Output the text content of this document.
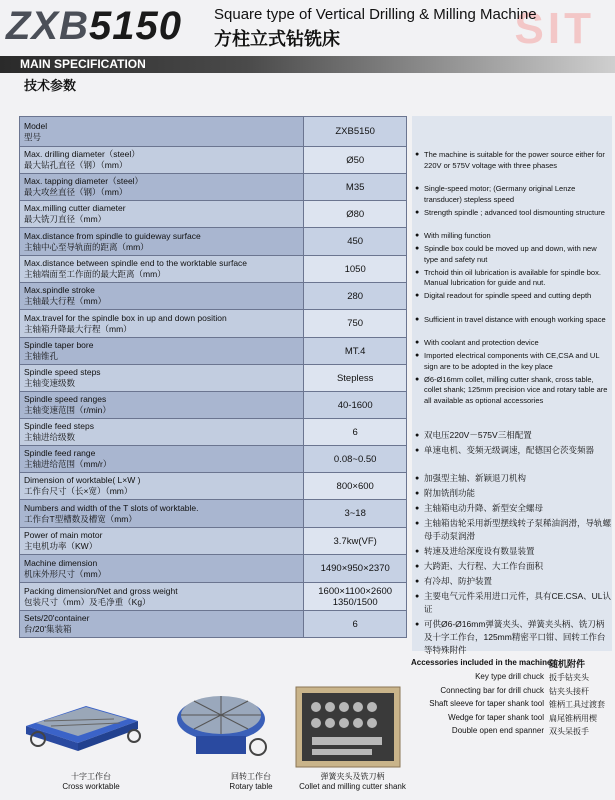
SIT
ZXB5150 Square type of Vertical Drilling & Milling Machine
方柱立式钻铣床
MAIN SPECIFICATION
技术参数
Model
型号	ZXB5150

Max. drilling diameter（steel）
最大钻孔直径（钢）（mm）	Ø50

Max. tapping diameter（steel）
最大攻丝直径（钢）（mm）	M35

Max.milling cutter diameter
最大铣刀直径（mm）	Ø80

Max.distance from spindle to guideway surface
主轴中心至导轨面的距离（mm）	450

Max.distance between spindle end to the worktable surface
主轴端面至工作面的最大距离（mm）	1050

Max.spindle stroke
主轴最大行程（mm）	280

Max.travel for the spindle box in up and down position
主轴箱升降最大行程（mm）	750

Spindle taper bore
主轴锥孔	MT.4

Spindle speed steps
主轴变速级数	Stepless

Spindle speed ranges
主轴变速范围（r/min）	40-1600

Spindle feed steps
主轴进给级数	6

Spindle feed range
主轴进给范围（mm/r）	0.08~0.50

Dimension of worktable( L×W )
工作台尺寸（长×宽）（mm）	800×600

Numbers and width of the T slots of worktable.
工作台T型槽数及槽宽（mm）	3~18

Power of main motor
主电机功率（KW）	3.7kw(VF)

Machine dimension
机床外形尺寸（mm）	1490×950×2370

Packing dimension/Net and gross weight
包装尺寸（mm）及毛净重（Kg）	1600×1100×2600
1350/1500

Sets/20'container
台/20'集装箱	6
● The machine is suitable for the power source either for 220V or 575V voltage with three phases
● Single-speed motor; (Germany original Lenze transducer) stepless speed
● Strength spindle ; advanced tool dismounting structure
● With milling function
● Spindle box could be moved up and down, with new type and safety nut
● Trchoid thin oil lubrication is available for spindle box. Manual lubrication for guide and nut.
● Digital readout for spindle speed and cutting depth
● Sufficient in travel distance with enough working space
● With coolant and protection device
● Imported electrical components with CE,CSA and UL sign are to be adopted in the key place
● Ø6-Ø16mm collet, milling cutter shank, cross table, collet shank; 125mm precision vice and rotary table are all available as optional accessories
● 双电压220V－575V三相配置
● 单速电机、变频无级调速，配德国仑茨变频器
● 加强型主轴、新颖退刀机构
● 附加铣削功能
● 主轴箱电动升降、新型安全螺母
● 主轴箱齿轮采用新型摆线转子泵稀油润滑，导轨螺母手动泵润滑
● 转速及进给深度设有数显装置
● 大跨距、大行程、大工作台面积
● 有冷却、防护装置
● 主要电气元件采用进口元件，具有CE.CSA、UL认证
● 可供Ø6-Ø16mm弹簧夹头、弹簧夹头柄、铣刀柄及十字工作台，125mm精密平口钳、回转工作台等特殊附件
Accessories included in the machine
随机附件
Key type drill chuck 扳手钻夹头
Connecting bar for drill chuck 钻夹头接杆
Shaft sleeve for taper shank tool 锥柄工具过渡套
Wedge for taper shank tool 扁尾锥柄用楔
Double open end spanner 双头呆扳手
十字工作台
Cross worktable
回转工作台
Rotary table
弹簧夹头及铣刀柄
Collet and milling cutter shank
